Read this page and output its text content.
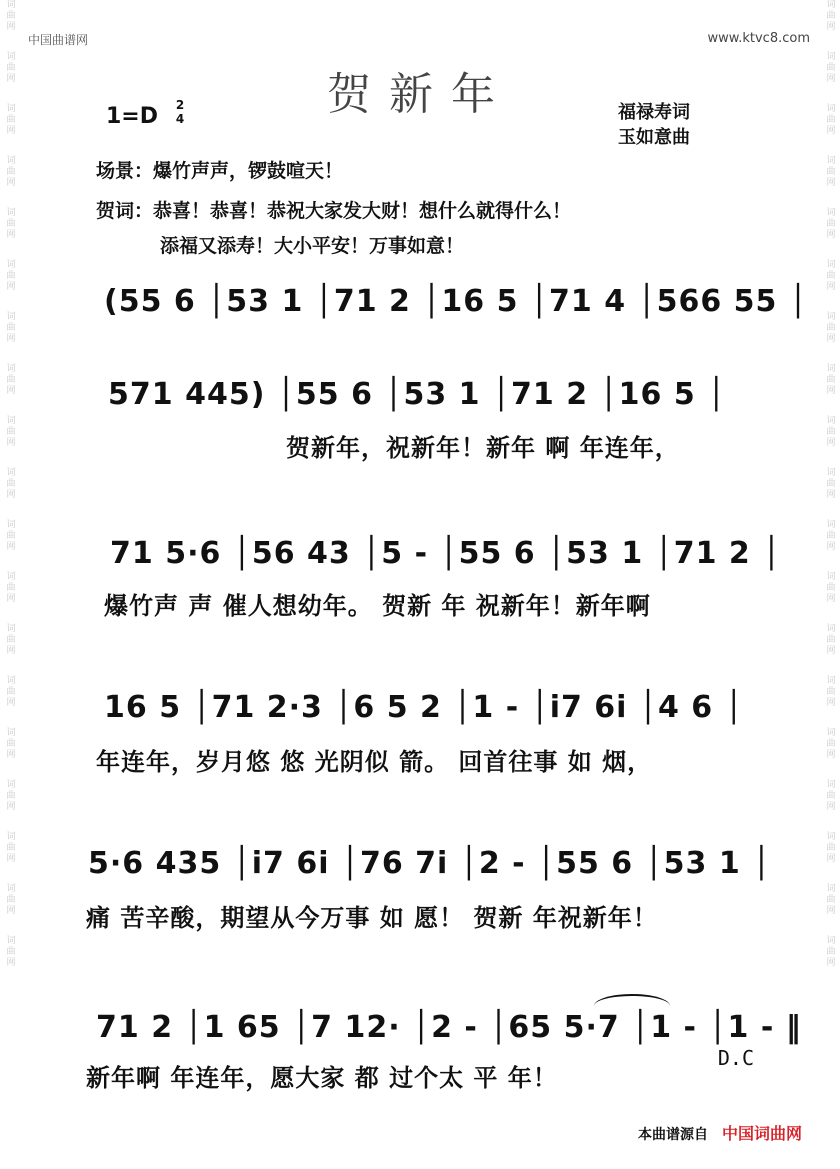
词
曲
网
词
曲
网
词
曲
网
词
曲
网
词
曲
网
词
曲
网
词
曲
网
词
曲
网
词
曲
网
词
曲
网
词
曲
网
词
曲
网
词
曲
网
词
曲
网
词
曲
网
词
曲
网
词
曲
网
词
曲
网
词
曲
网
词
曲
网
词
曲
网
词
曲
网
词
曲
网
词
曲
网
词
曲
网
词
曲
网
词
曲
网
词
曲
网
词
曲
网
词
曲
网
词
曲
网
词
曲
网
词
曲
网
词
曲
网
词
曲
网
词
曲
网
词
曲
网
词
曲
网
中国曲谱网	www.ktvc8.com
贺新年
1=D	2
4	福禄寿词
玉如意曲
场景：爆竹声声，锣鼓喧天！
贺词：恭喜！恭喜！恭祝大家发大财！想什么就得什么！
添福又添寿！大小平安！万事如意！
(55 6 │53 1 │71 2 │16 5 │71 4 │566 55 │
571 445) │55 6 │53 1 │71 2 │16 5 │
贺新年，祝新年！新年 啊 年连年，
71 5·6 │56 43 │5 - │55 6 │53 1 │71 2 │
爆竹声 声 催人想幼年。 贺新 年 祝新年！新年啊
16 5 │71 2·3 │6 5 2 │1 - │i7 6i │4 6 │
年连年，岁月悠 悠 光阴似 箭。 回首往事 如 烟，
5·6 435 │i7 6i │76 7i │2 - │55 6 │53 1 │
痛 苦辛酸，期望从今万事 如 愿！ 贺新 年祝新年！
71 2 │1 65 │7 12· │2 - │65 5·7 │1 - │1 - ‖
新年啊 年连年，愿大家 都 过个太 平 年！
D.C
本曲谱源自 中国词曲网
